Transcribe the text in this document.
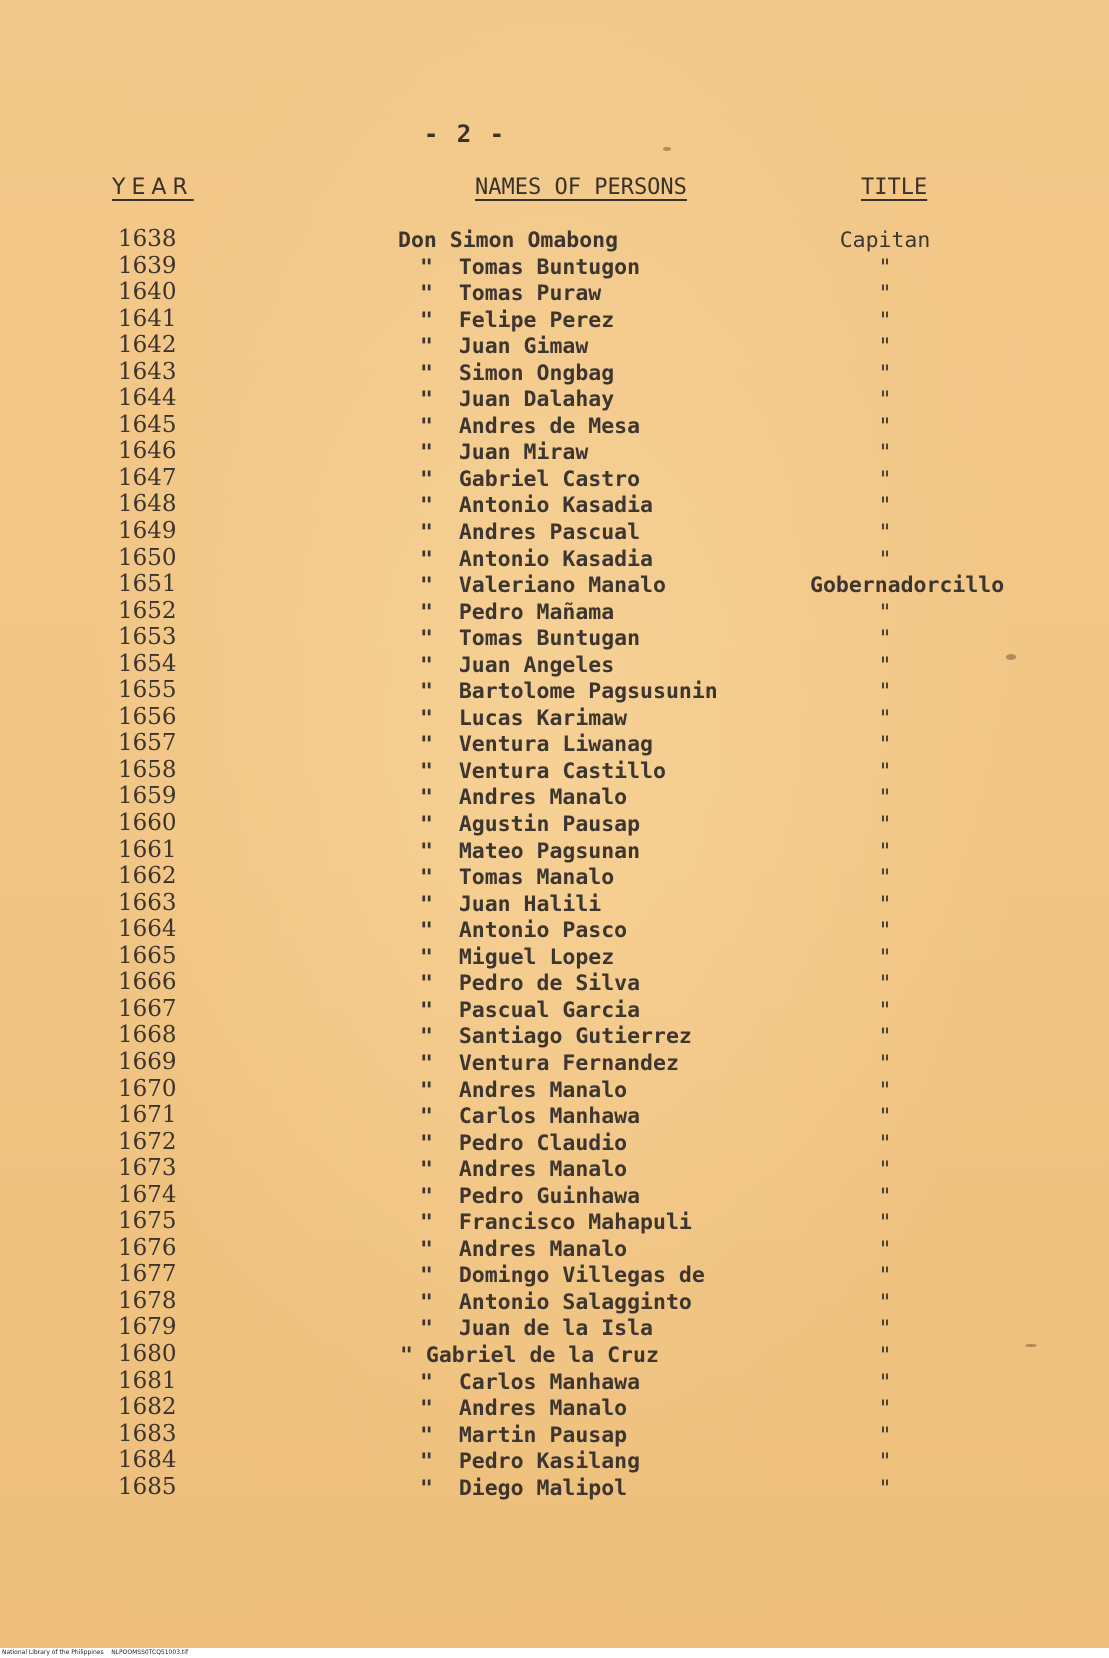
- 2 -
YEAR	NAMES OF PERSONS	TITLE
1638	Don Simon Omabong	Capitan
1639	"  Tomas Buntugon	"
1640	"  Tomas Puraw	"
1641	"  Felipe Perez	"
1642	"  Juan Gimaw	"
1643	"  Simon Ongbag	"
1644	"  Juan Dalahay	"
1645	"  Andres de Mesa	"
1646	"  Juan Miraw	"
1647	"  Gabriel Castro	"
1648	"  Antonio Kasadia	"
1649	"  Andres Pascual	"
1650	"  Antonio Kasadia	"
1651	"  Valeriano Manalo	Gobernadorcillo
1652	"  Pedro Mañama	"
1653	"  Tomas Buntugan	"
1654	"  Juan Angeles	"
1655	"  Bartolome Pagsusunin	"
1656	"  Lucas Karimaw	"
1657	"  Ventura Liwanag	"
1658	"  Ventura Castillo	"
1659	"  Andres Manalo	"
1660	"  Agustin Pausap	"
1661	"  Mateo Pagsunan	"
1662	"  Tomas Manalo	"
1663	"  Juan Halili	"
1664	"  Antonio Pasco	"
1665	"  Miguel Lopez	"
1666	"  Pedro de Silva	"
1667	"  Pascual Garcia	"
1668	"  Santiago Gutierrez	"
1669	"  Ventura Fernandez	"
1670	"  Andres Manalo	"
1671	"  Carlos Manhawa	"
1672	"  Pedro Claudio	"
1673	"  Andres Manalo	"
1674	"  Pedro Guinhawa	"
1675	"  Francisco Mahapuli	"
1676	"  Andres Manalo	"
1677	"  Domingo Villegas de	"
1678	"  Antonio Salagginto	"
1679	"  Juan de la Isla	"
1680	" Gabriel de la Cruz	"
1681	"  Carlos Manhawa	"
1682	"  Andres Manalo	"
1683	"  Martin Pausap	"
1684	"  Pedro Kasilang	"
1685	"  Diego Malipol	"
National Library of the Philippines    NLPOOMSS0TCQ51003.tif
